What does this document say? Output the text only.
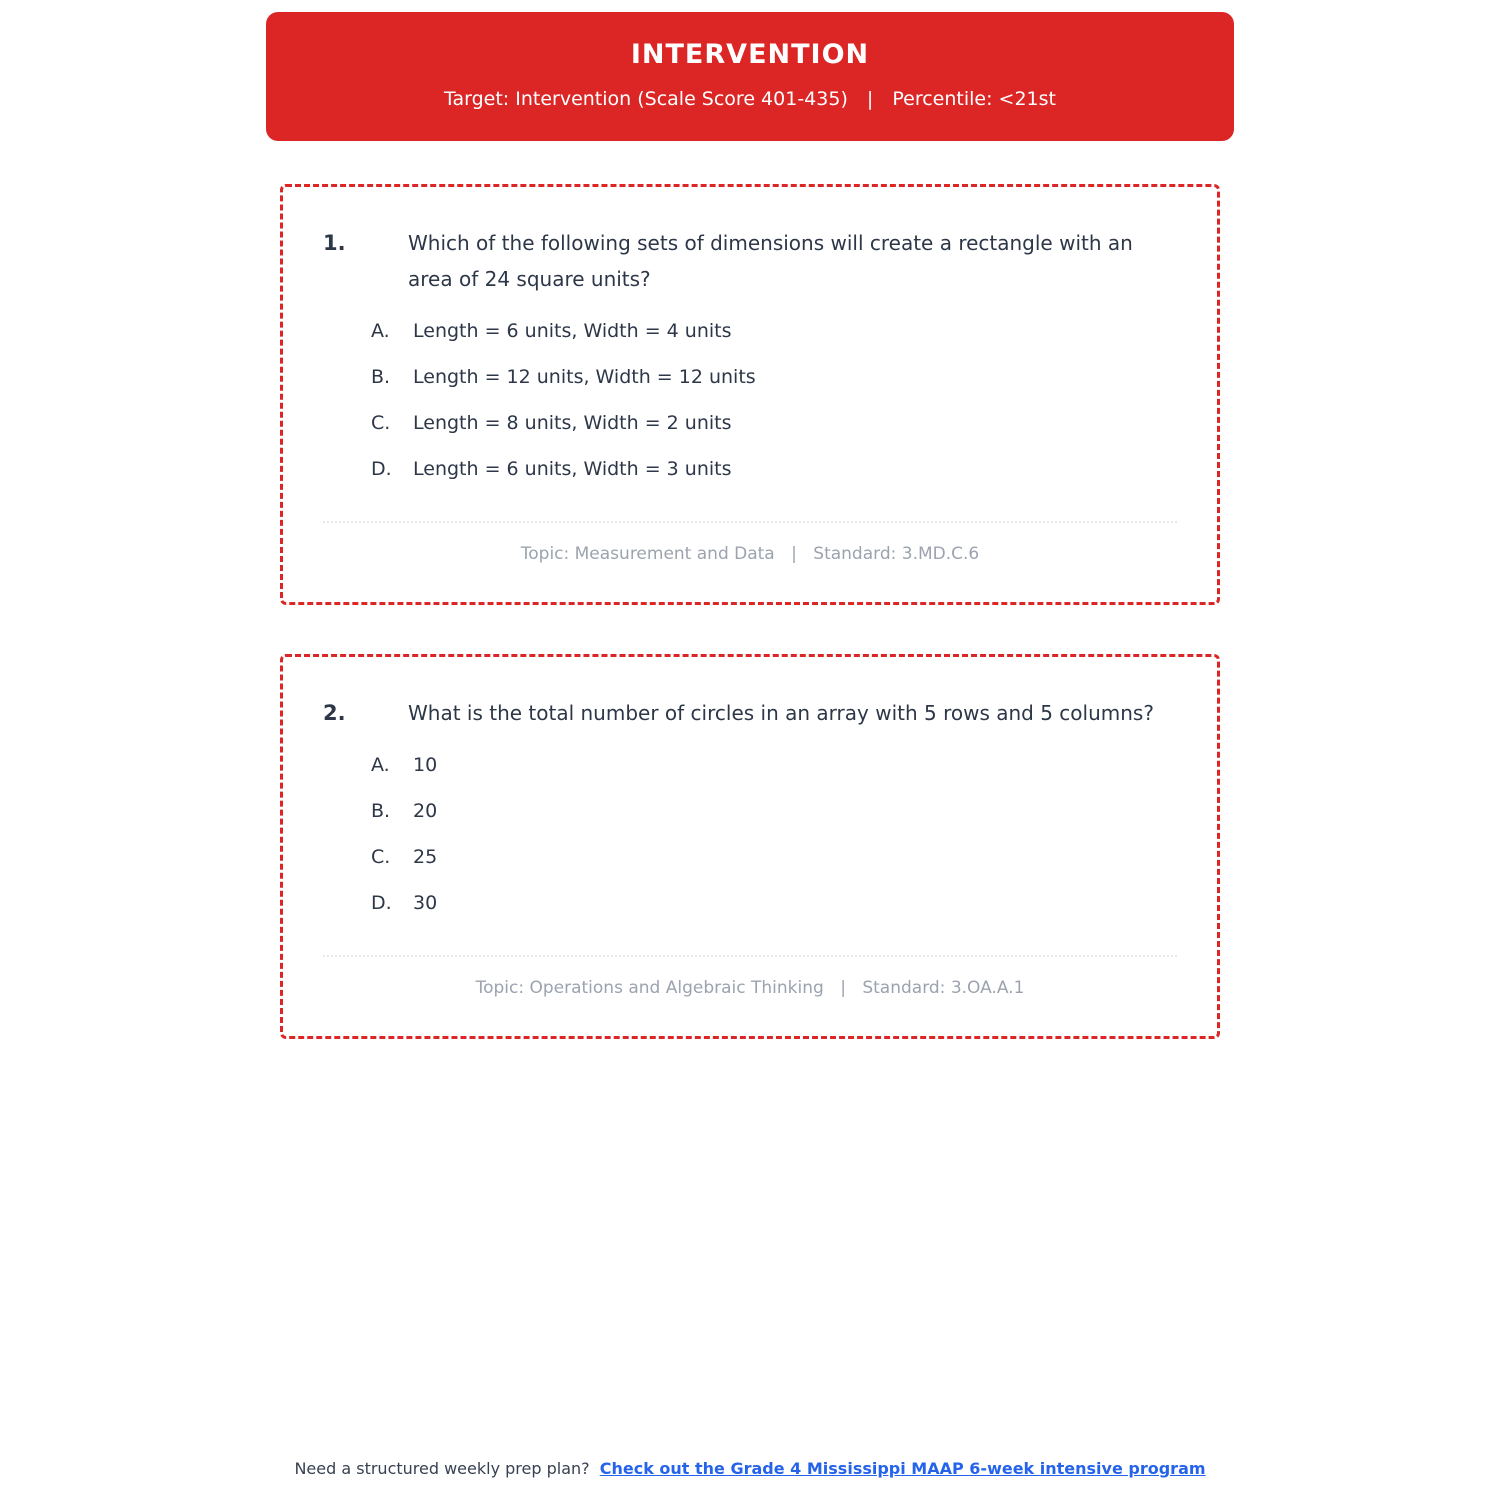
INTERVENTION
Target: Intervention (Scale Score 401-435) | Percentile: <21st
1.	Which of the following sets of dimensions will create a rectangle with an area of 24 square units?
A.	Length = 6 units, Width = 4 units
B.	Length = 12 units, Width = 12 units
C.	Length = 8 units, Width = 2 units
D.	Length = 6 units, Width = 3 units
Topic: Measurement and Data | Standard: 3.MD.C.6
2.	What is the total number of circles in an array with 5 rows and 5 columns?
A.	10
B.	20
C.	25
D.	30
Topic: Operations and Algebraic Thinking | Standard: 3.OA.A.1
Need a structured weekly prep plan? Check out the Grade 4 Mississippi MAAP 6-week intensive program
